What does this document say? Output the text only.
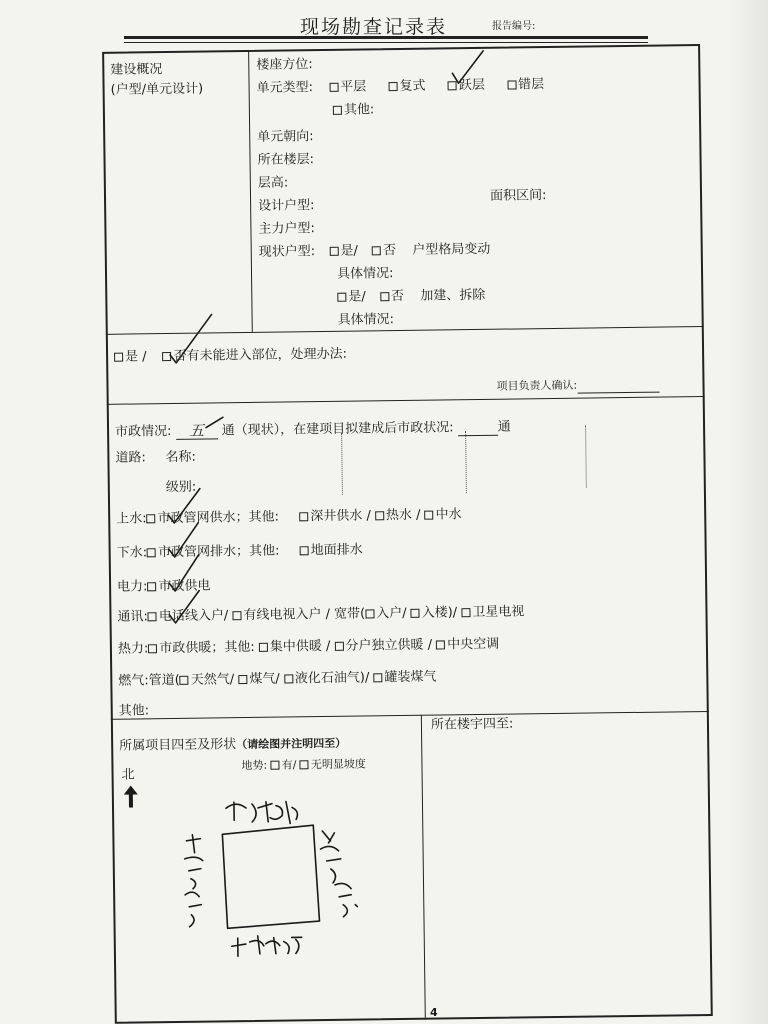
现场勘查记录表	报告编号:
建设概况
(户型/单元设计)
楼座方位:
单元类型: 平层	复式	跃层	错层
其他:
单元朝向:
所在楼层:
层高:
设计户型:
面积区间:
主力户型:
现状户型: 是/ 否 户型格局变动
具体情况:
是/ 否 加建、拆除
具体情况:
是 / 否有未能进入部位，处理办法:
项目负责人确认:
市政情况: 五 通（现状），在建项目拟建成后市政状况:	通
道路: 名称:
级别:
上水: 市政管网供水；其他: 深井供水 / 热水 / 中水
下水: 市政管网排水；其他: 地面排水
电力: 市政供电
通讯: 电话线入户/ 有线电视入户 / 宽带( 入户/ 入楼)/ 卫星电视
热力: 市政供暖；其他: 集中供暖 / 分户独立供暖 / 中央空调
燃气:管道( 天然气/ 煤气/ 液化石油气)/ 罐装煤气
其他:
所属项目四至及形状（请绘图并注明四至）
地势: 有/ 无明显坡度
北
所在楼宇四至:
4
